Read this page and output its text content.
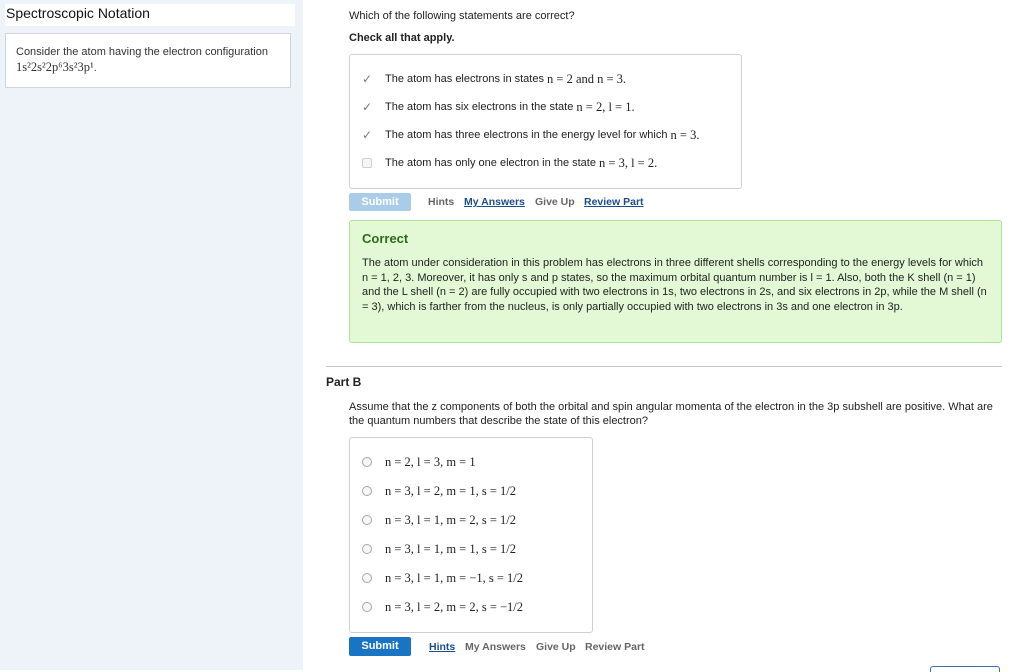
Spectroscopic Notation
Consider the atom having the electron configuration 1s²2s²2p⁶3s²3p¹.
Which of the following statements are correct?
Check all that apply.
✓ The atom has electrons in states
n = 2 and n = 3.
✓ The atom has six electrons in the state
n = 2, l = 1.
✓ The atom has three electrons in the energy level for which
n = 3.
The atom has only one electron in the state
n = 3, l = 2.
Submit	Hints My Answers Give Up Review Part
Correct
The atom under consideration in this problem has electrons in three different shells corresponding to the energy levels for which n = 1, 2, 3. Moreover, it has only s and p states, so the maximum orbital quantum number is l = 1. Also, both the K shell (n = 1) and the L shell (n = 2) are fully occupied with two electrons in 1s, two electrons in 2s, and six electrons in 2p, while the M shell (n = 3), which is farther from the nucleus, is only partially occupied with two electrons in 3s and one electron in 3p.
Part B
Assume that the z components of both the orbital and spin angular momenta of the electron in the 3p subshell are positive. What are the quantum numbers that describe the state of this electron?
n = 2, l = 3, m = 1
n = 3, l = 2, m = 1, s = 1/2
n = 3, l = 1, m = 2, s = 1/2
n = 3, l = 1, m = 1, s = 1/2
n = 3, l = 1, m = −1, s = 1/2
n = 3, l = 2, m = 2, s = −1/2
Submit	Hints My Answers Give Up Review Part
